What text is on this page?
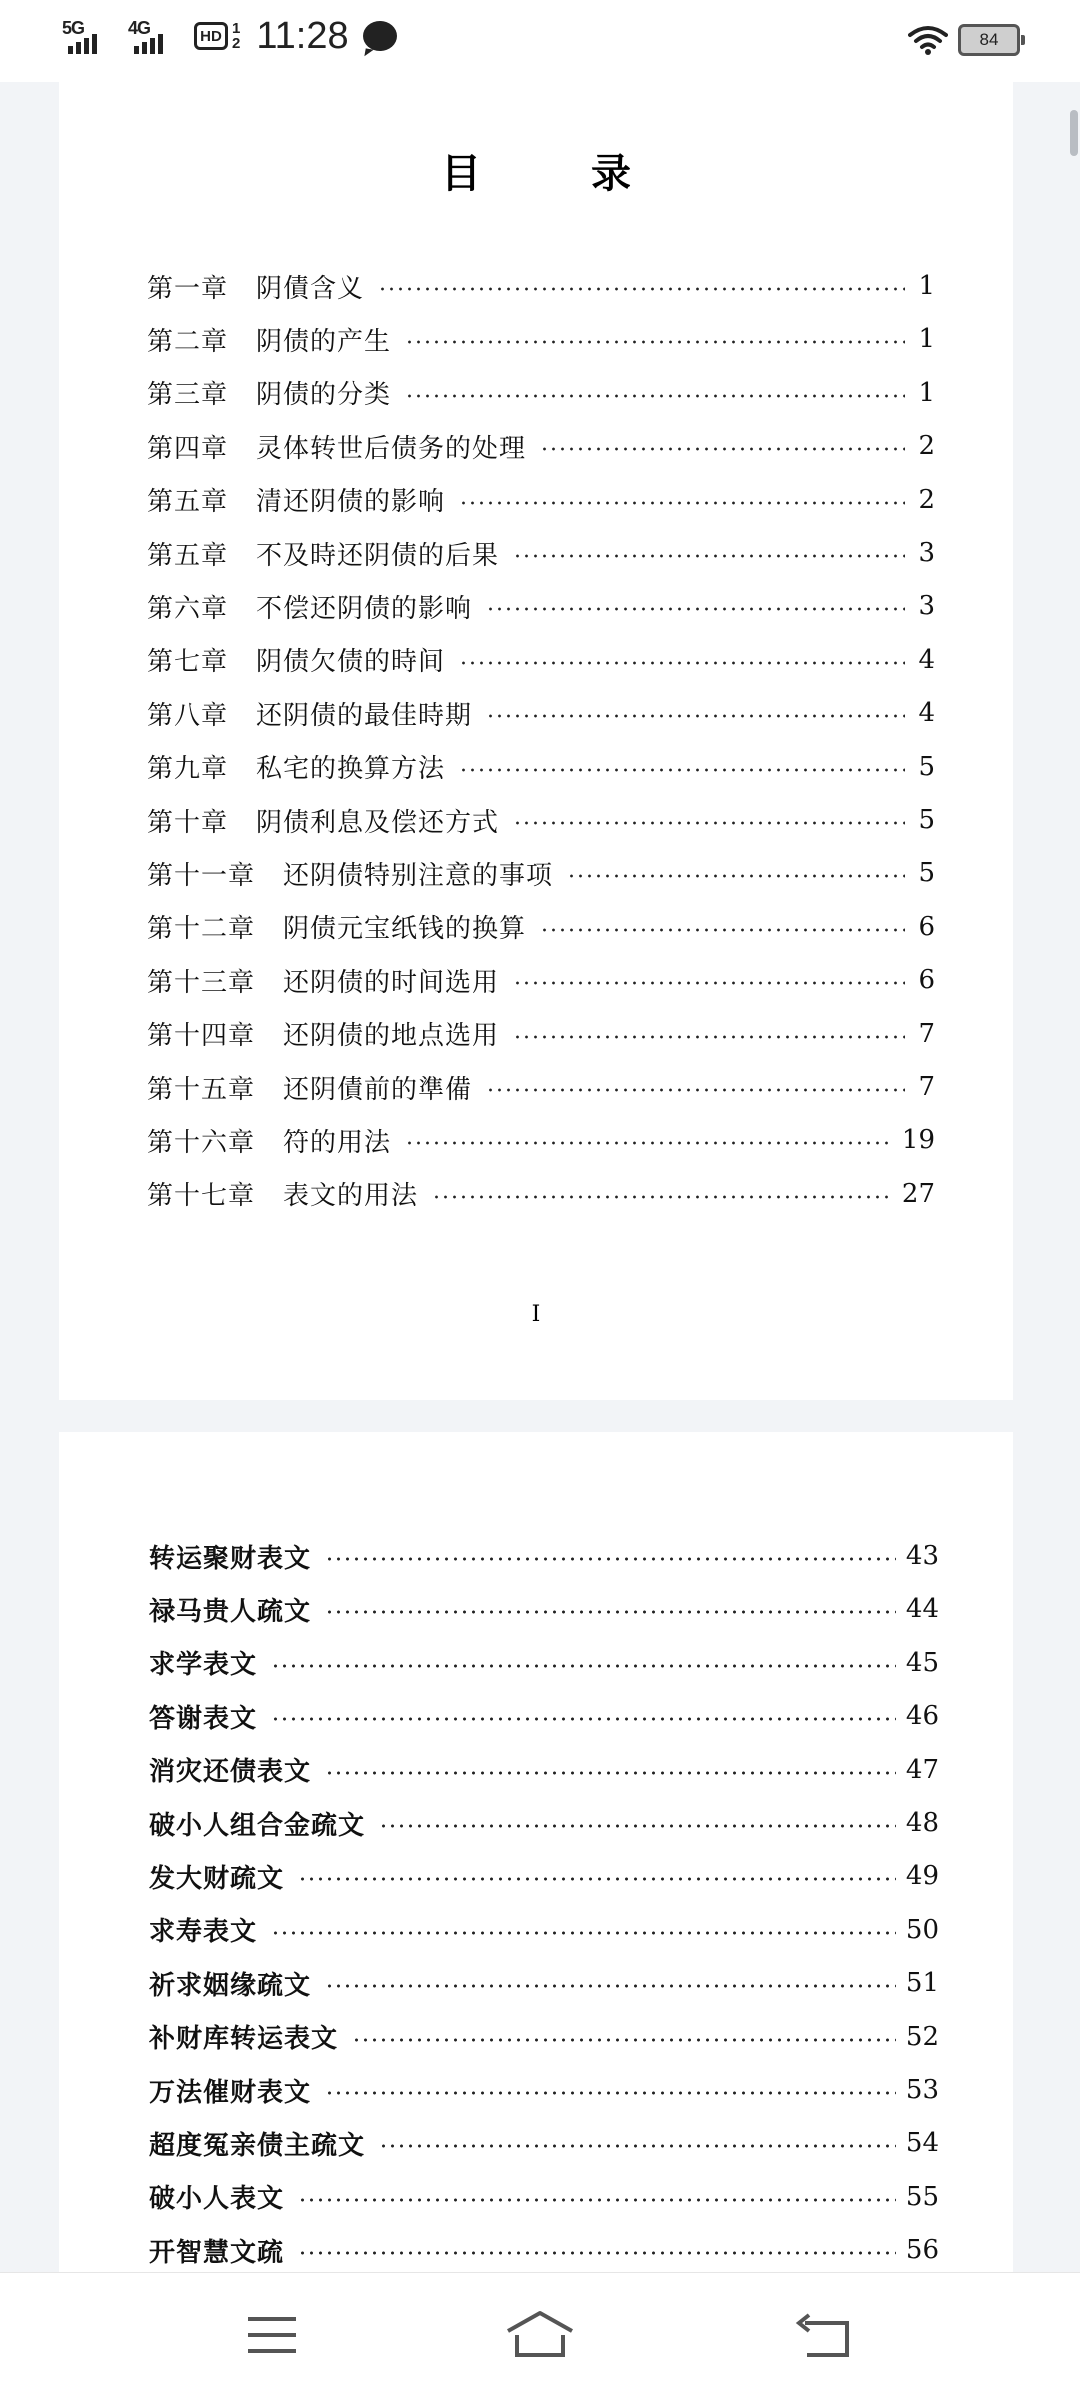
5G 4G	HD 1
2 11:28	84
目 录
第一章 阴債含义	1
第二章 阴债的产生	1
第三章 阴债的分类	1
第四章 灵体转世后债务的处理	2
第五章 清还阴债的影响	2
第五章 不及時还阴债的后果	3
第六章 不偿还阴债的影响	3
第七章 阴债欠债的時间	4
第八章 还阴债的最佳時期	4
第九章 私宅的换算方法	5
第十章 阴债利息及偿还方式	5
第十一章 还阴债特别注意的事项	5
第十二章 阴债元宝纸钱的换算	6
第十三章 还阴债的时间选用	6
第十四章 还阴债的地点选用	7
第十五章 还阴債前的準備	7
第十六章 符的用法	19
第十七章 表文的用法	27
I
转运聚财表文	43
禄马贵人疏文	44
求学表文	45
答谢表文	46
消灾还债表文	47
破小人组合金疏文	48
发大财疏文	49
求寿表文	50
祈求姻缘疏文	51
补财库转运表文	52
万法催财表文	53
超度冤亲债主疏文	54
破小人表文	55
开智慧文疏	56
